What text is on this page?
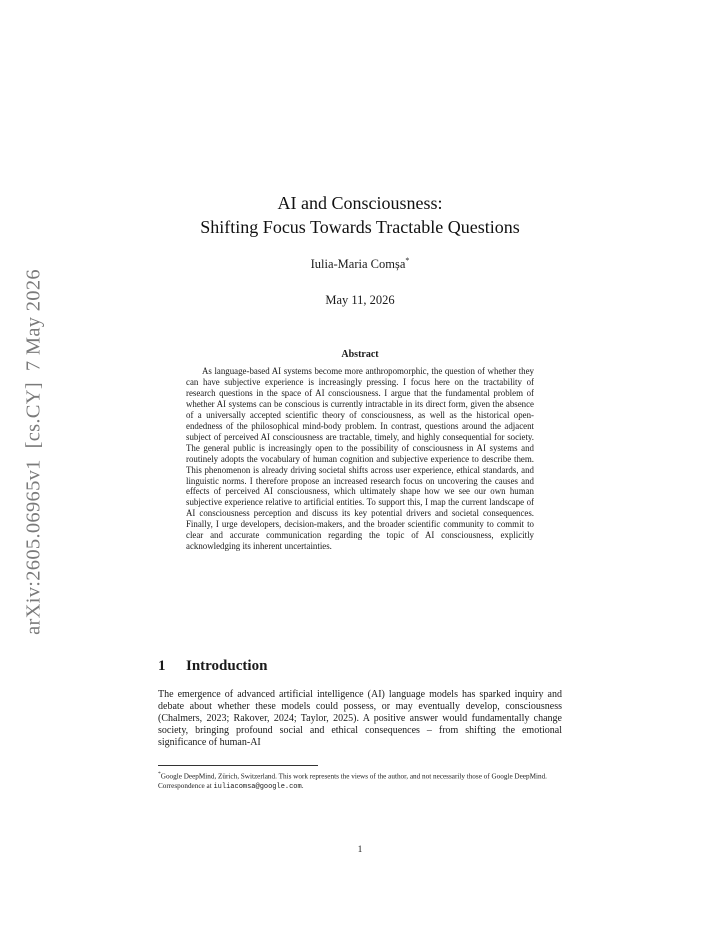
arXiv:2605.06965v1  [cs.CY]  7 May 2026
AI and Consciousness:
Shifting Focus Towards Tractable Questions
Iulia-Maria Comșa*
May 11, 2026
Abstract

As language-based AI systems become more anthropomorphic, the question of whether they can have subjective experience is increasingly pressing. I focus here on the tractability of research questions in the space of AI consciousness. I argue that the fundamental problem of whether AI systems can be conscious is currently intractable in its direct form, given the absence of a universally accepted scientific theory of consciousness, as well as the historical open-endedness of the philosophical mind-body problem. In contrast, questions around the adjacent subject of perceived AI consciousness are tractable, timely, and highly consequential for society. The general public is increasingly open to the possibility of consciousness in AI systems and routinely adopts the vocabulary of human cognition and subjective experience to describe them. This phenomenon is already driving societal shifts across user experience, ethical standards, and linguistic norms. I therefore propose an increased research focus on uncovering the causes and effects of perceived AI consciousness, which ultimately shape how we see our own human subjective experience relative to artificial entities. To support this, I map the current landscape of AI consciousness perception and discuss its key potential drivers and societal consequences. Finally, I urge developers, decision-makers, and the broader scientific community to commit to clear and accurate communication regarding the topic of AI consciousness, explicitly acknowledging its inherent uncertainties.

1 Introduction

The emergence of advanced artificial intelligence (AI) language models has sparked inquiry and debate about whether these models could possess, or may eventually develop, consciousness (Chalmers, 2023; Rakover, 2024; Taylor, 2025). A positive answer would fundamentally change society, bringing profound social and ethical consequences – from shifting the emotional significance of human-AI

*Google DeepMind, Zürich, Switzerland. This work represents the views of the author, and not necessarily those of Google DeepMind. Correspondence at iuliacomsa@google.com.

1
